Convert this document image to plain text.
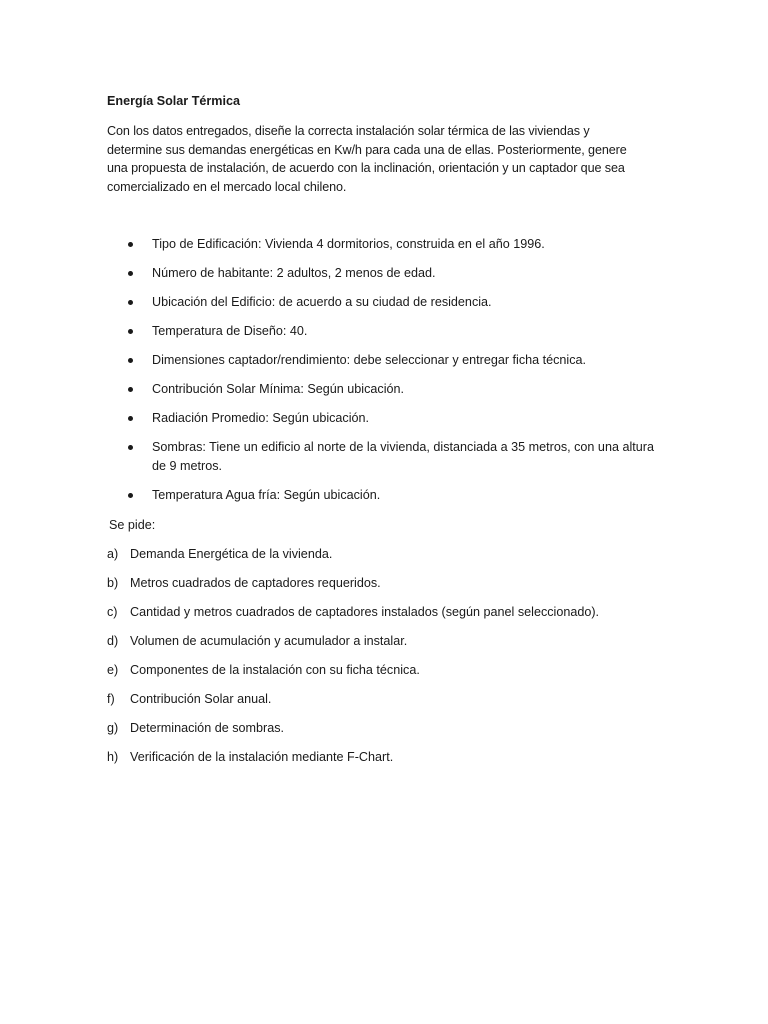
Energía Solar Térmica

Con los datos entregados, diseñe la correcta instalación solar térmica de las viviendas y determine sus demandas energéticas en Kw/h para cada una de ellas. Posteriormente, genere una propuesta de instalación, de acuerdo con la inclinación, orientación y un captador que sea comercializado en el mercado local chileno.

Tipo de Edificación: Vivienda 4 dormitorios, construida en el año 1996.
Número de habitante: 2 adultos, 2 menos de edad.
Ubicación del Edificio: de acuerdo a su ciudad de residencia.
Temperatura de Diseño: 40.
Dimensiones captador/rendimiento: debe seleccionar y entregar ficha técnica.
Contribución Solar Mínima: Según ubicación.
Radiación Promedio: Según ubicación.
Sombras: Tiene un edificio al norte de la vivienda, distanciada a 35 metros, con una altura de 9 metros.
Temperatura Agua fría: Según ubicación.

Se pide:

a) Demanda Energética de la vivienda.
b) Metros cuadrados de captadores requeridos.
c) Cantidad y metros cuadrados de captadores instalados (según panel seleccionado).
d) Volumen de acumulación y acumulador a instalar.
e) Componentes de la instalación con su ficha técnica.
f) Contribución Solar anual.
g) Determinación de sombras.
h) Verificación de la instalación mediante F-Chart.
